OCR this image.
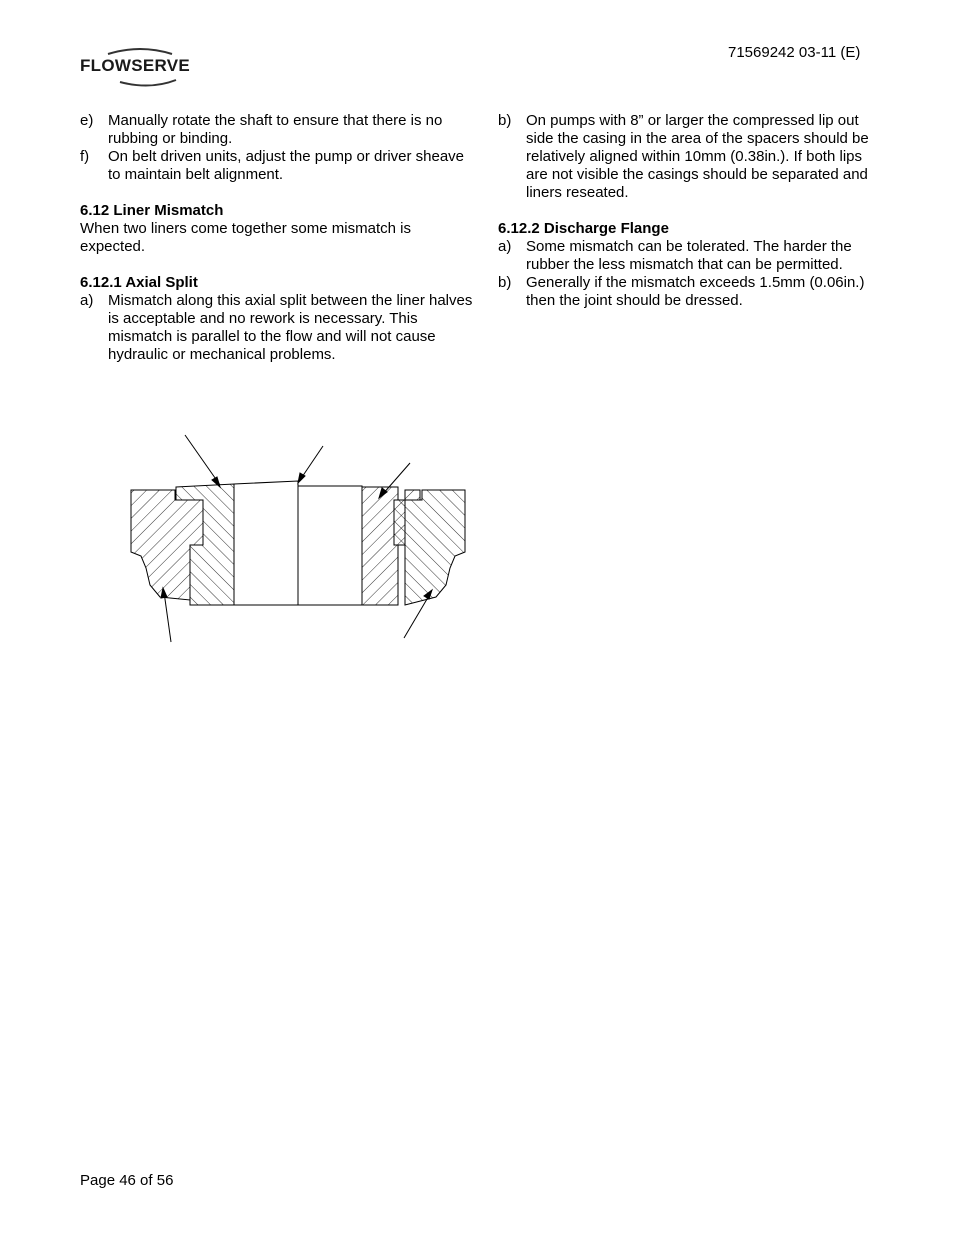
FLOWSERVE
71569242 03-11 (E)
e) Manually rotate the shaft to ensure that there is no rubbing or binding.
f) On belt driven units, adjust the pump or driver sheave to maintain belt alignment.
6.12 Liner Mismatch
When two liners come together some mismatch is expected.
6.12.1 Axial Split
a) Mismatch along this axial split between the liner halves is acceptable and no rework is necessary. This mismatch is parallel to the flow and will not cause hydraulic or mechanical problems.
b) On pumps with 8” or larger the compressed lip out side the casing in the area of the spacers should be relatively aligned within 10mm (0.38in.). If both lips are not visible the casings should be separated and liners reseated.
6.12.2 Discharge Flange
a) Some mismatch can be tolerated. The harder the rubber the less mismatch that can be permitted.
b) Generally if the mismatch exceeds 1.5mm (0.06in.) then the joint should be dressed.
Page 46 of 56
